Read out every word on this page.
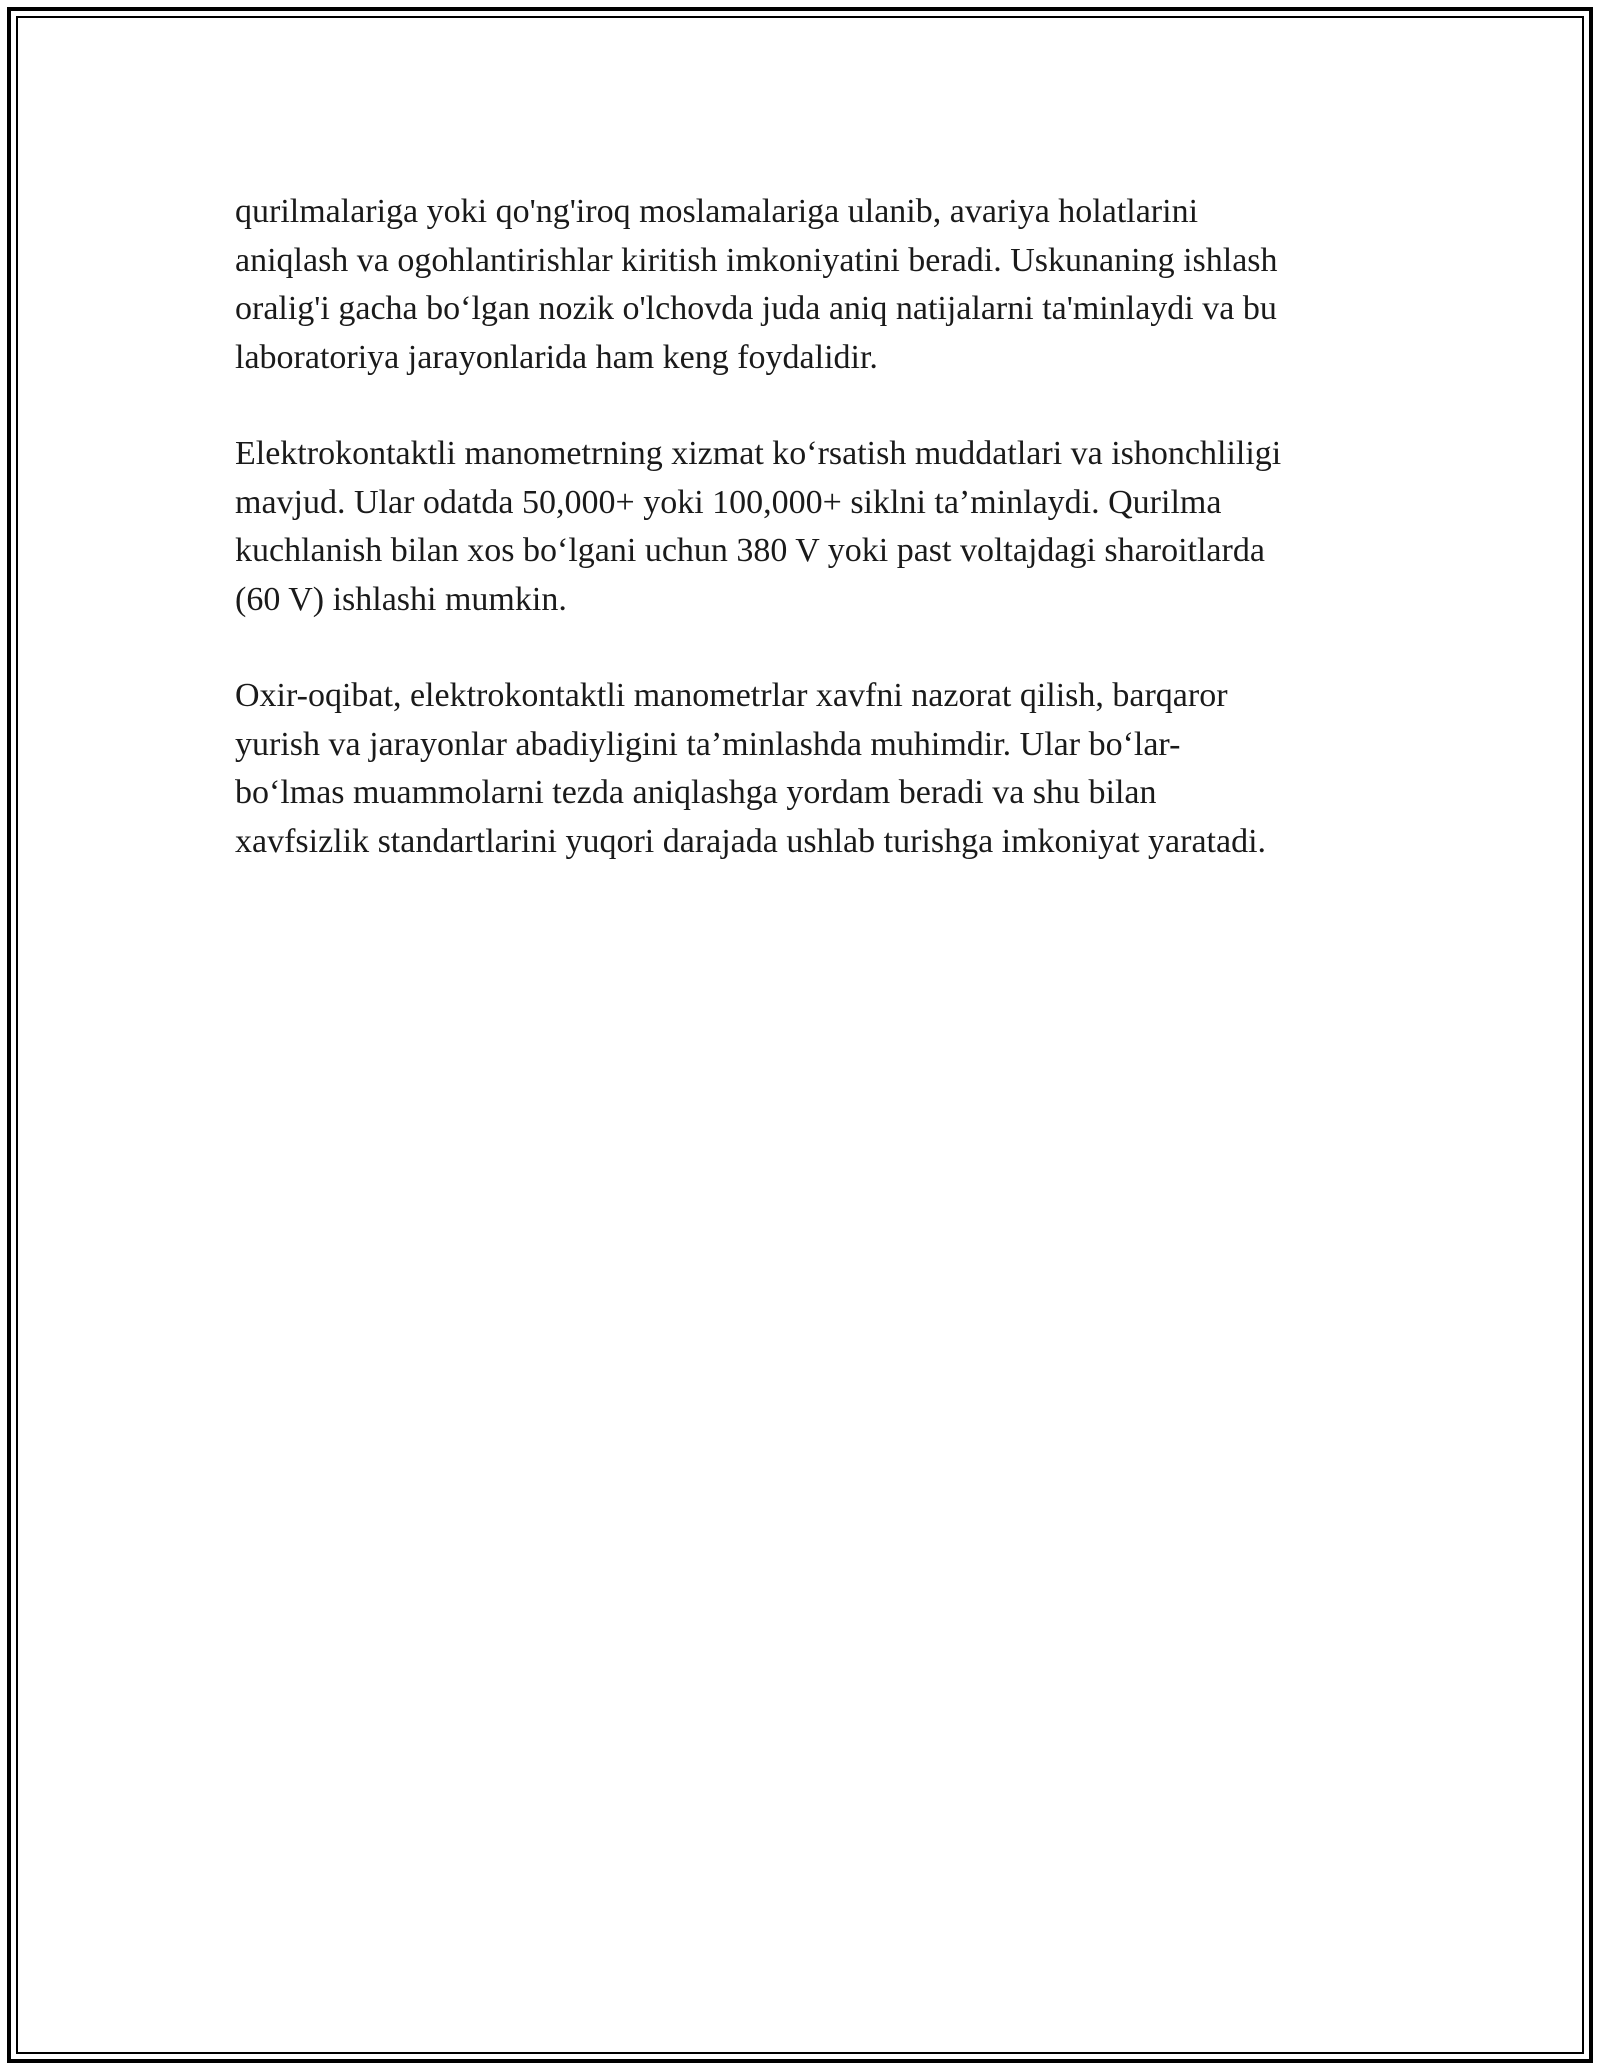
qurilmalariga yoki qo'ng'iroq moslamalariga ulanib, avariya holatlarini
aniqlash va ogohlantirishlar kiritish imkoniyatini beradi. Uskunaning ishlash
oralig'i gacha bo‘lgan nozik o'lchovda juda aniq natijalarni ta'minlaydi va bu
laboratoriya jarayonlarida ham keng foydalidir.

Elektrokontaktli manometrning xizmat ko‘rsatish muddatlari va ishonchliligi
mavjud. Ular odatda 50,000+ yoki 100,000+ siklni ta’minlaydi. Qurilma
kuchlanish bilan xos bo‘lgani uchun 380 V yoki past voltajdagi sharoitlarda
(60 V) ishlashi mumkin.

Oxir-oqibat, elektrokontaktli manometrlar xavfni nazorat qilish, barqaror
yurish va jarayonlar abadiyligini ta’minlashda muhimdir. Ular bo‘lar-
bo‘lmas muammolarni tezda aniqlashga yordam beradi va shu bilan
xavfsizlik standartlarini yuqori darajada ushlab turishga imkoniyat yaratadi.
